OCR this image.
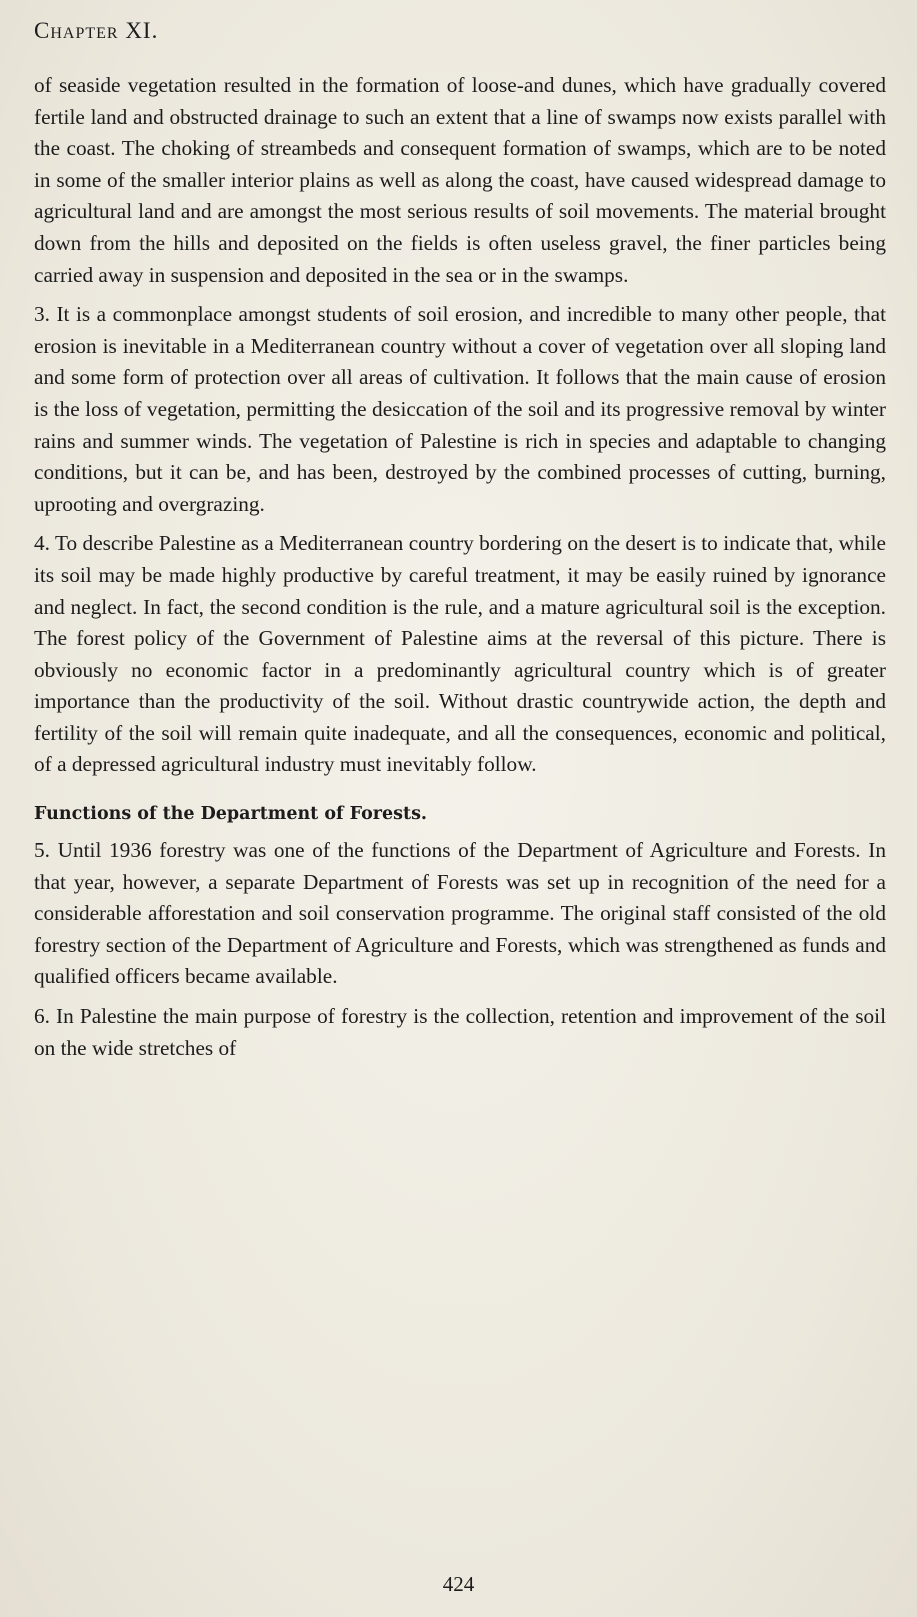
Chapter XI.

of seaside vegetation resulted in the formation of loose-and dunes, which have gradually covered fertile land and obstructed drainage to such an extent that a line of swamps now exists parallel with the coast. The choking of streambeds and consequent formation of swamps, which are to be noted in some of the smaller interior plains as well as along the coast, have caused widespread damage to agricultural land and are amongst the most serious results of soil movements. The material brought down from the hills and deposited on the fields is often useless gravel, the finer particles being carried away in suspension and deposited in the sea or in the swamps.

3. It is a commonplace amongst students of soil erosion, and incredible to many other people, that erosion is inevitable in a Mediterranean country without a cover of vegetation over all sloping land and some form of protection over all areas of cultivation. It follows that the main cause of erosion is the loss of vegetation, permitting the desiccation of the soil and its progressive removal by winter rains and summer winds. The vegetation of Palestine is rich in species and adaptable to changing conditions, but it can be, and has been, destroyed by the combined processes of cutting, burning, uprooting and overgrazing.

4. To describe Palestine as a Mediterranean country bordering on the desert is to indicate that, while its soil may be made highly productive by careful treatment, it may be easily ruined by ignorance and neglect. In fact, the second condition is the rule, and a mature agricultural soil is the exception. The forest policy of the Government of Palestine aims at the reversal of this picture. There is obviously no economic factor in a predominantly agricultural country which is of greater importance than the productivity of the soil. Without drastic countrywide action, the depth and fertility of the soil will remain quite inadequate, and all the consequences, economic and political, of a depressed agricultural industry must inevitably follow.

Functions of the Department of Forests.

5. Until 1936 forestry was one of the functions of the Department of Agriculture and Forests. In that year, however, a separate Department of Forests was set up in recognition of the need for a considerable afforestation and soil conservation programme. The original staff consisted of the old forestry section of the Department of Agriculture and Forests, which was strengthened as funds and qualified officers became available.

6. In Palestine the main purpose of forestry is the collection, retention and improvement of the soil on the wide stretches of

424
